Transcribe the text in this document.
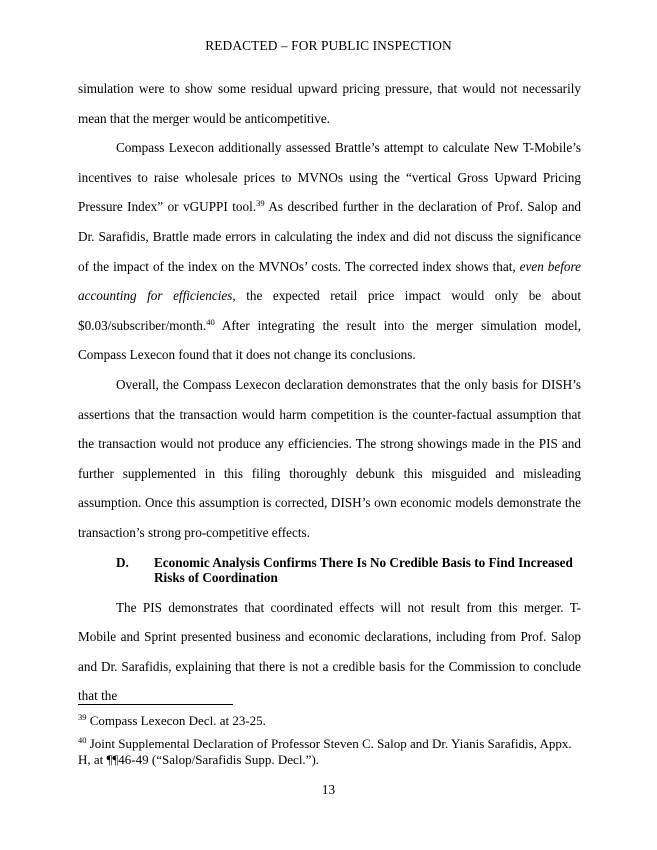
REDACTED – FOR PUBLIC INSPECTION

simulation were to show some residual upward pricing pressure, that would not necessarily mean that the merger would be anticompetitive.

Compass Lexecon additionally assessed Brattle’s attempt to calculate New T-Mobile’s incentives to raise wholesale prices to MVNOs using the “vertical Gross Upward Pricing Pressure Index” or vGUPPI tool.$^{39}$ As described further in the declaration of Prof. Salop and Dr. Sarafidis, Brattle made errors in calculating the index and did not discuss the significance of the impact of the index on the MVNOs’ costs. The corrected index shows that, even before accounting for efficiencies, the expected retail price impact would only be about $0.03/subscriber/month.$^{40}$ After integrating the result into the merger simulation model, Compass Lexecon found that it does not change its conclusions.

Overall, the Compass Lexecon declaration demonstrates that the only basis for DISH’s assertions that the transaction would harm competition is the counter-factual assumption that the transaction would not produce any efficiencies. The strong showings made in the PIS and further supplemented in this filing thoroughly debunk this misguided and misleading assumption. Once this assumption is corrected, DISH’s own economic models demonstrate the transaction’s strong pro-competitive effects.

D.	Economic Analysis Confirms There Is No Credible Basis to Find Increased Risks of Coordination

The PIS demonstrates that coordinated effects will not result from this merger. T-Mobile and Sprint presented business and economic declarations, including from Prof. Salop and Dr. Sarafidis, explaining that there is not a credible basis for the Commission to conclude that the

$^{39}$ Compass Lexecon Decl. at 23-25.

$^{40}$ Joint Supplemental Declaration of Professor Steven C. Salop and Dr. Yianis Sarafidis, Appx. H, at ¶¶46-49 (“Salop/Sarafidis Supp. Decl.”).

13
